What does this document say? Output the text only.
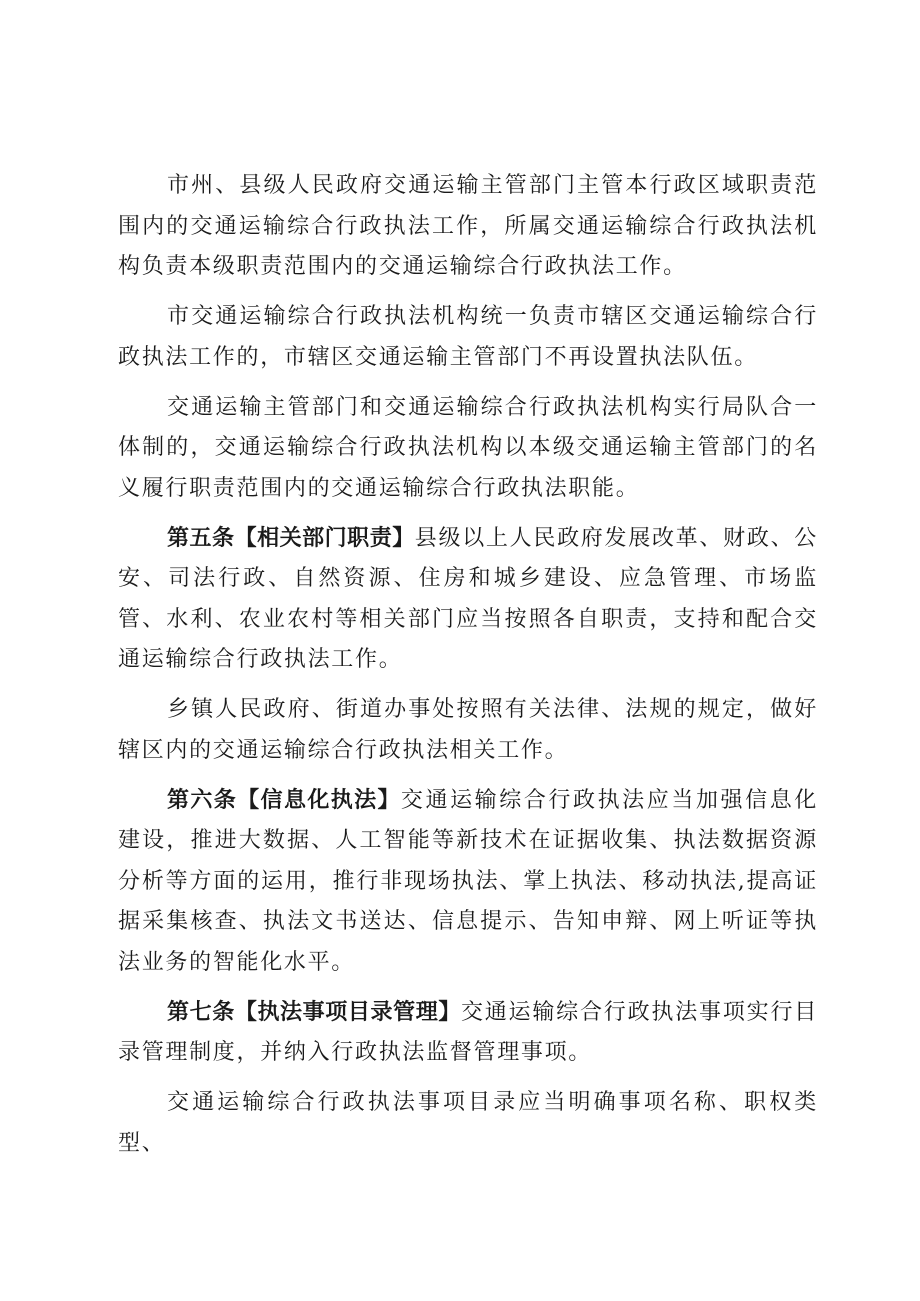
市州、县级人民政府交通运输主管部门主管本行政区域职责范围内的交通运输综合行政执法工作，所属交通运输综合行政执法机构负责本级职责范围内的交通运输综合行政执法工作。

市交通运输综合行政执法机构统一负责市辖区交通运输综合行政执法工作的，市辖区交通运输主管部门不再设置执法队伍。

交通运输主管部门和交通运输综合行政执法机构实行局队合一体制的，交通运输综合行政执法机构以本级交通运输主管部门的名义履行职责范围内的交通运输综合行政执法职能。

第五条【相关部门职责】县级以上人民政府发展改革、财政、公安、司法行政、自然资源、住房和城乡建设、应急管理、市场监管、水利、农业农村等相关部门应当按照各自职责，支持和配合交通运输综合行政执法工作。

乡镇人民政府、街道办事处按照有关法律、法规的规定，做好辖区内的交通运输综合行政执法相关工作。

第六条【信息化执法】交通运输综合行政执法应当加强信息化建设，推进大数据、人工智能等新技术在证据收集、执法数据资源分析等方面的运用，推行非现场执法、掌上执法、移动执法,提高证据采集核查、执法文书送达、信息提示、告知申辩、网上听证等执法业务的智能化水平。

第七条【执法事项目录管理】交通运输综合行政执法事项实行目录管理制度，并纳入行政执法监督管理事项。

交通运输综合行政执法事项目录应当明确事项名称、职权类型、
